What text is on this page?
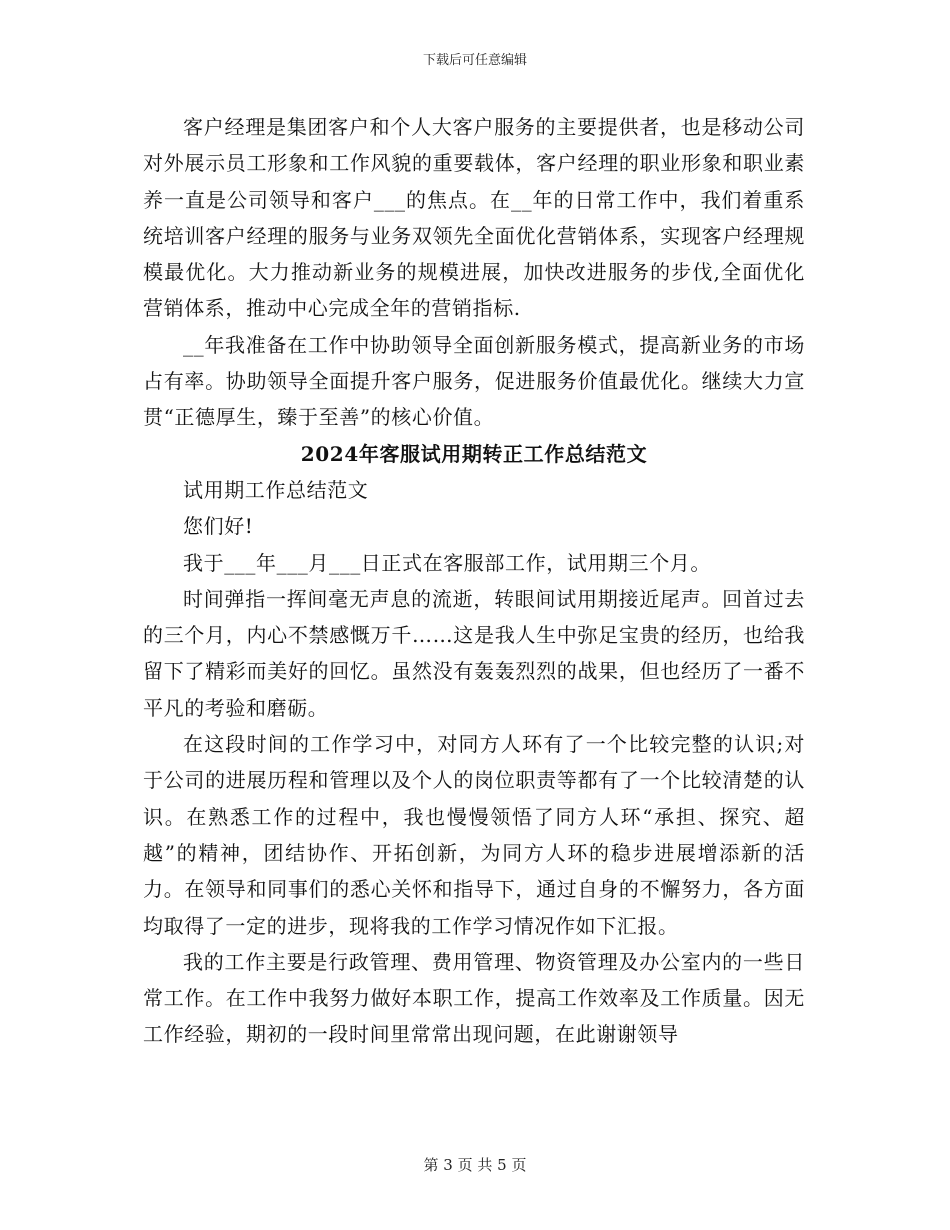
下载后可任意编辑

客户经理是集团客户和个人大客户服务的主要提供者，也是移动公司对外展示员工形象和工作风貌的重要载体，客户经理的职业形象和职业素养一直是公司领导和客户___的焦点。在__年的日常工作中，我们着重系统培训客户经理的服务与业务双领先全面优化营销体系，实现客户经理规模最优化。大力推动新业务的规模进展，加快改进服务的步伐,全面优化营销体系，推动中心完成全年的营销指标.

__年我准备在工作中协助领导全面创新服务模式，提高新业务的市场占有率。协助领导全面提升客户服务，促进服务价值最优化。继续大力宣贯“正德厚生，臻于至善”的核心价值。

2024年客服试用期转正工作总结范文

试用期工作总结范文

您们好!

我于___年___月___日正式在客服部工作，试用期三个月。

时间弹指一挥间毫无声息的流逝，转眼间试用期接近尾声。回首过去的三个月，内心不禁感慨万千……这是我人生中弥足宝贵的经历，也给我留下了精彩而美好的回忆。虽然没有轰轰烈烈的战果，但也经历了一番不平凡的考验和磨砺。

在这段时间的工作学习中，对同方人环有了一个比较完整的认识;对于公司的进展历程和管理以及个人的岗位职责等都有了一个比较清楚的认识。在熟悉工作的过程中，我也慢慢领悟了同方人环“承担、探究、超越”的精神，团结协作、开拓创新，为同方人环的稳步进展增添新的活力。在领导和同事们的悉心关怀和指导下，通过自身的不懈努力，各方面均取得了一定的进步，现将我的工作学习情况作如下汇报。

我的工作主要是行政管理、费用管理、物资管理及办公室内的一些日常工作。在工作中我努力做好本职工作，提高工作效率及工作质量。因无工作经验，期初的一段时间里常常出现问题，在此谢谢领导

第 3 页 共 5 页
